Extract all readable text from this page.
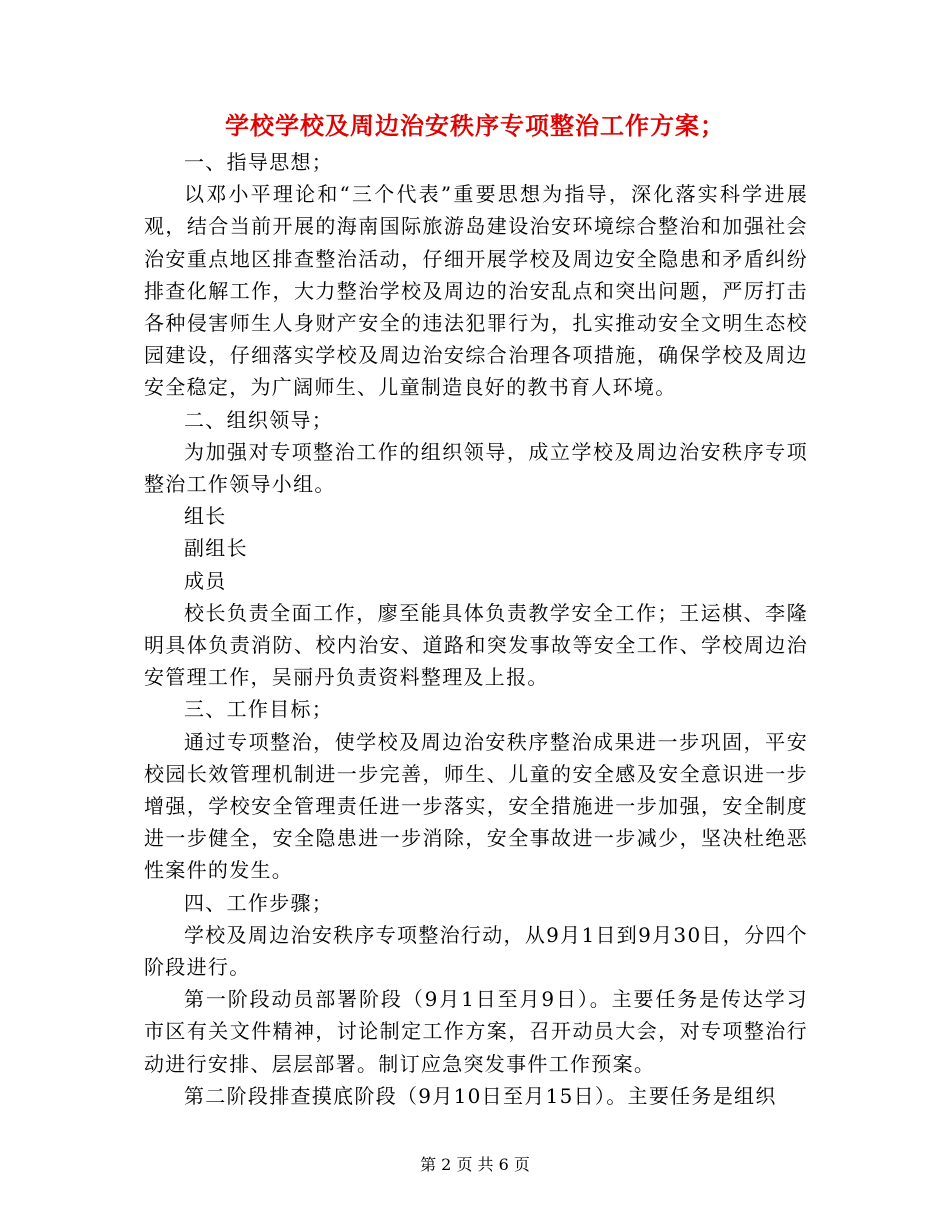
学校学校及周边治安秩序专项整治工作方案；

一、指导思想；

以邓小平理论和“三个代表”重要思想为指导，深化落实科学进展观，结合当前开展的海南国际旅游岛建设治安环境综合整治和加强社会治安重点地区排查整治活动，仔细开展学校及周边安全隐患和矛盾纠纷排查化解工作，大力整治学校及周边的治安乱点和突出问题，严厉打击各种侵害师生人身财产安全的违法犯罪行为，扎实推动安全文明生态校园建设，仔细落实学校及周边治安综合治理各项措施，确保学校及周边安全稳定，为广阔师生、儿童制造良好的教书育人环境。

二、组织领导；

为加强对专项整治工作的组织领导，成立学校及周边治安秩序专项整治工作领导小组。

组长

副组长

成员

校长负责全面工作，廖至能具体负责教学安全工作；王运棋、李隆明具体负责消防、校内治安、道路和突发事故等安全工作、学校周边治安管理工作，吴丽丹负责资料整理及上报。

三、工作目标；

通过专项整治，使学校及周边治安秩序整治成果进一步巩固，平安校园长效管理机制进一步完善，师生、儿童的安全感及安全意识进一步增强，学校安全管理责任进一步落实，安全措施进一步加强，安全制度进一步健全，安全隐患进一步消除，安全事故进一步减少，坚决杜绝恶性案件的发生。

四、工作步骤；

学校及周边治安秩序专项整治行动，从9月1日到9月30日，分四个阶段进行。

第一阶段动员部署阶段（9月1日至月9日）。主要任务是传达学习市区有关文件精神，讨论制定工作方案，召开动员大会，对专项整治行动进行安排、层层部署。制订应急突发事件工作预案。

第二阶段排查摸底阶段（9月10日至月15日）。主要任务是组织

第 2 页 共 6 页
